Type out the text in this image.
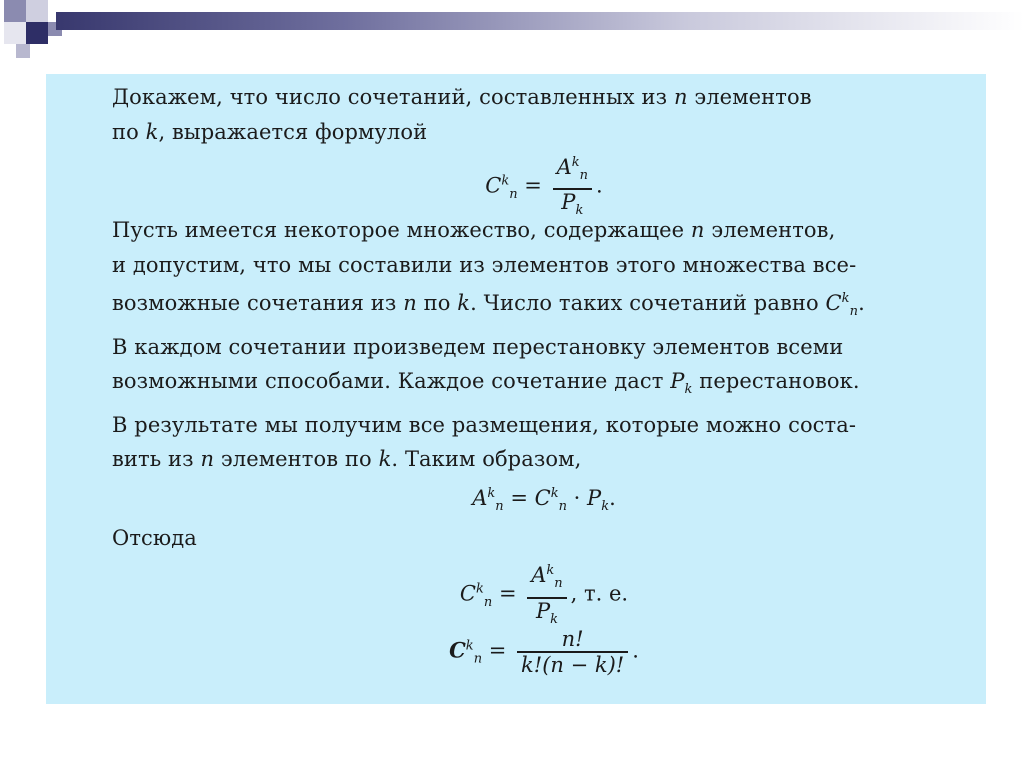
Докажем, что число сочетаний, составленных из n элементов
по k, выражается формулой

$C^k_n = \frac{A^k_n}{P_k}$ .

Пусть имеется некоторое множество, содержащее n элементов,
и допустим, что мы составили из элементов этого множества все-
возможные сочетания из n по k. Число таких сочетаний равно $C^k_n$.
В каждом сочетании произведем перестановку элементов всеми
возможными способами. Каждое сочетание даст $P_k$ перестановок.
В результате мы получим все размещения, которые можно соста-
вить из n элементов по k. Таким образом,

$A^k_n = C^k_n \cdot P_k$.

Отсюда

$C^k_n = \frac{A^k_n}{P_k}$ , т. е.
$C^k_n = \frac{n!}{k!(n - k)!}$ .
